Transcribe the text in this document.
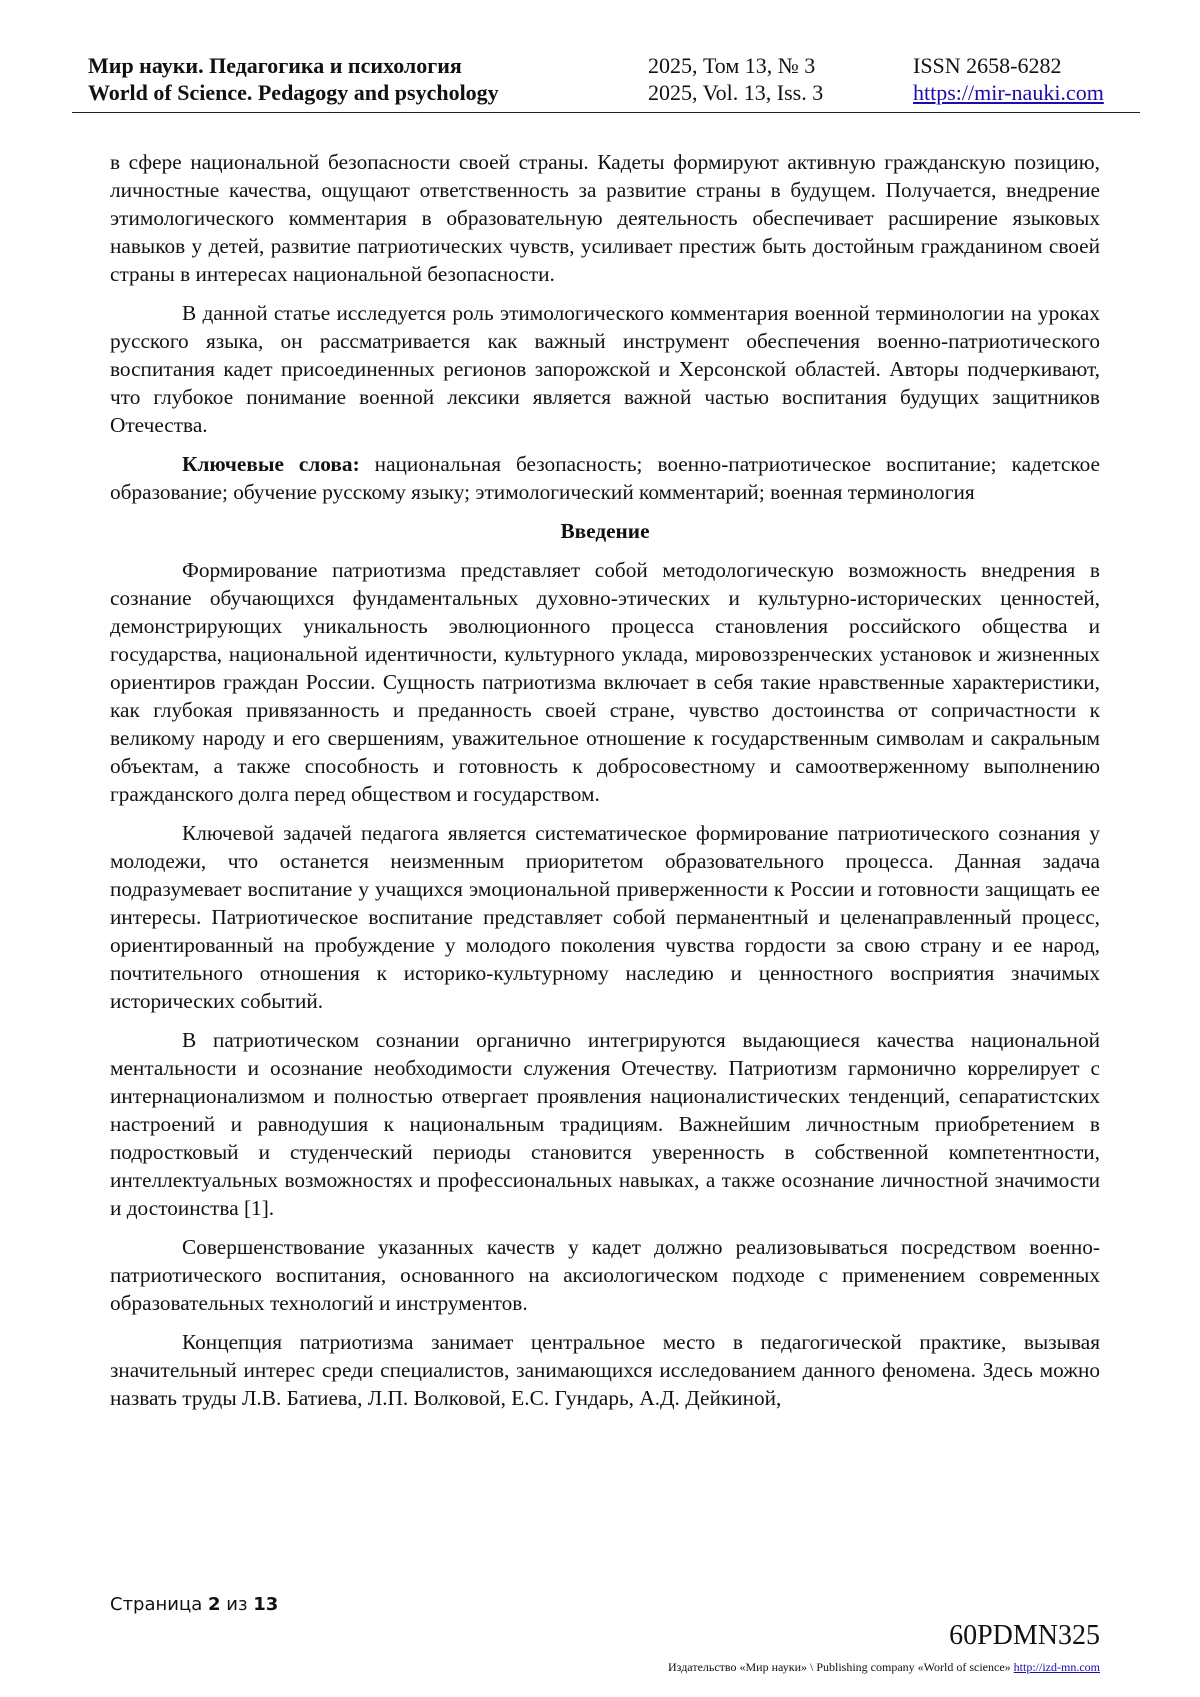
Мир науки. Педагогика и психология
World of Science. Pedagogy and psychology
2025, Том 13, № 3
2025, Vol. 13, Iss. 3
ISSN 2658-6282
https://mir-nauki.com

в сфере национальной безопасности своей страны. Кадеты формируют активную гражданскую позицию, личностные качества, ощущают ответственность за развитие страны в будущем. Получается, внедрение этимологического комментария в образовательную деятельность обеспечивает расширение языковых навыков у детей, развитие патриотических чувств, усиливает престиж быть достойным гражданином своей страны в интересах национальной безопасности.

В данной статье исследуется роль этимологического комментария военной терминологии на уроках русского языка, он рассматривается как важный инструмент обеспечения военно-патриотического воспитания кадет присоединенных регионов запорожской и Херсонской областей. Авторы подчеркивают, что глубокое понимание военной лексики является важной частью воспитания будущих защитников Отечества.

Ключевые слова: национальная безопасность; военно-патриотическое воспитание; кадетское образование; обучение русскому языку; этимологический комментарий; военная терминология

Введение

Формирование патриотизма представляет собой методологическую возможность внедрения в сознание обучающихся фундаментальных духовно-этических и культурно-исторических ценностей, демонстрирующих уникальность эволюционного процесса становления российского общества и государства, национальной идентичности, культурного уклада, мировоззренческих установок и жизненных ориентиров граждан России. Сущность патриотизма включает в себя такие нравственные характеристики, как глубокая привязанность и преданность своей стране, чувство достоинства от сопричастности к великому народу и его свершениям, уважительное отношение к государственным символам и сакральным объектам, а также способность и готовность к добросовестному и самоотверженному выполнению гражданского долга перед обществом и государством.

Ключевой задачей педагога является систематическое формирование патриотического сознания у молодежи, что останется неизменным приоритетом образовательного процесса. Данная задача подразумевает воспитание у учащихся эмоциональной приверженности к России и готовности защищать ее интересы. Патриотическое воспитание представляет собой перманентный и целенаправленный процесс, ориентированный на пробуждение у молодого поколения чувства гордости за свою страну и ее народ, почтительного отношения к историко-культурному наследию и ценностного восприятия значимых исторических событий.

В патриотическом сознании органично интегрируются выдающиеся качества национальной ментальности и осознание необходимости служения Отечеству. Патриотизм гармонично коррелирует с интернационализмом и полностью отвергает проявления националистических тенденций, сепаратистских настроений и равнодушия к национальным традициям. Важнейшим личностным приобретением в подростковый и студенческий периоды становится уверенность в собственной компетентности, интеллектуальных возможностях и профессиональных навыках, а также осознание личностной значимости и достоинства [1].

Совершенствование указанных качеств у кадет должно реализовываться посредством военно-патриотического воспитания, основанного на аксиологическом подходе с применением современных образовательных технологий и инструментов.

Концепция патриотизма занимает центральное место в педагогической практике, вызывая значительный интерес среди специалистов, занимающихся исследованием данного феномена. Здесь можно назвать труды Л.В. Батиева, Л.П. Волковой, Е.С. Гундарь, А.Д. Дейкиной,

Страница 2 из 13
60PDMN325
Издательство «Мир науки» \ Publishing company «World of science» http://izd-mn.com
